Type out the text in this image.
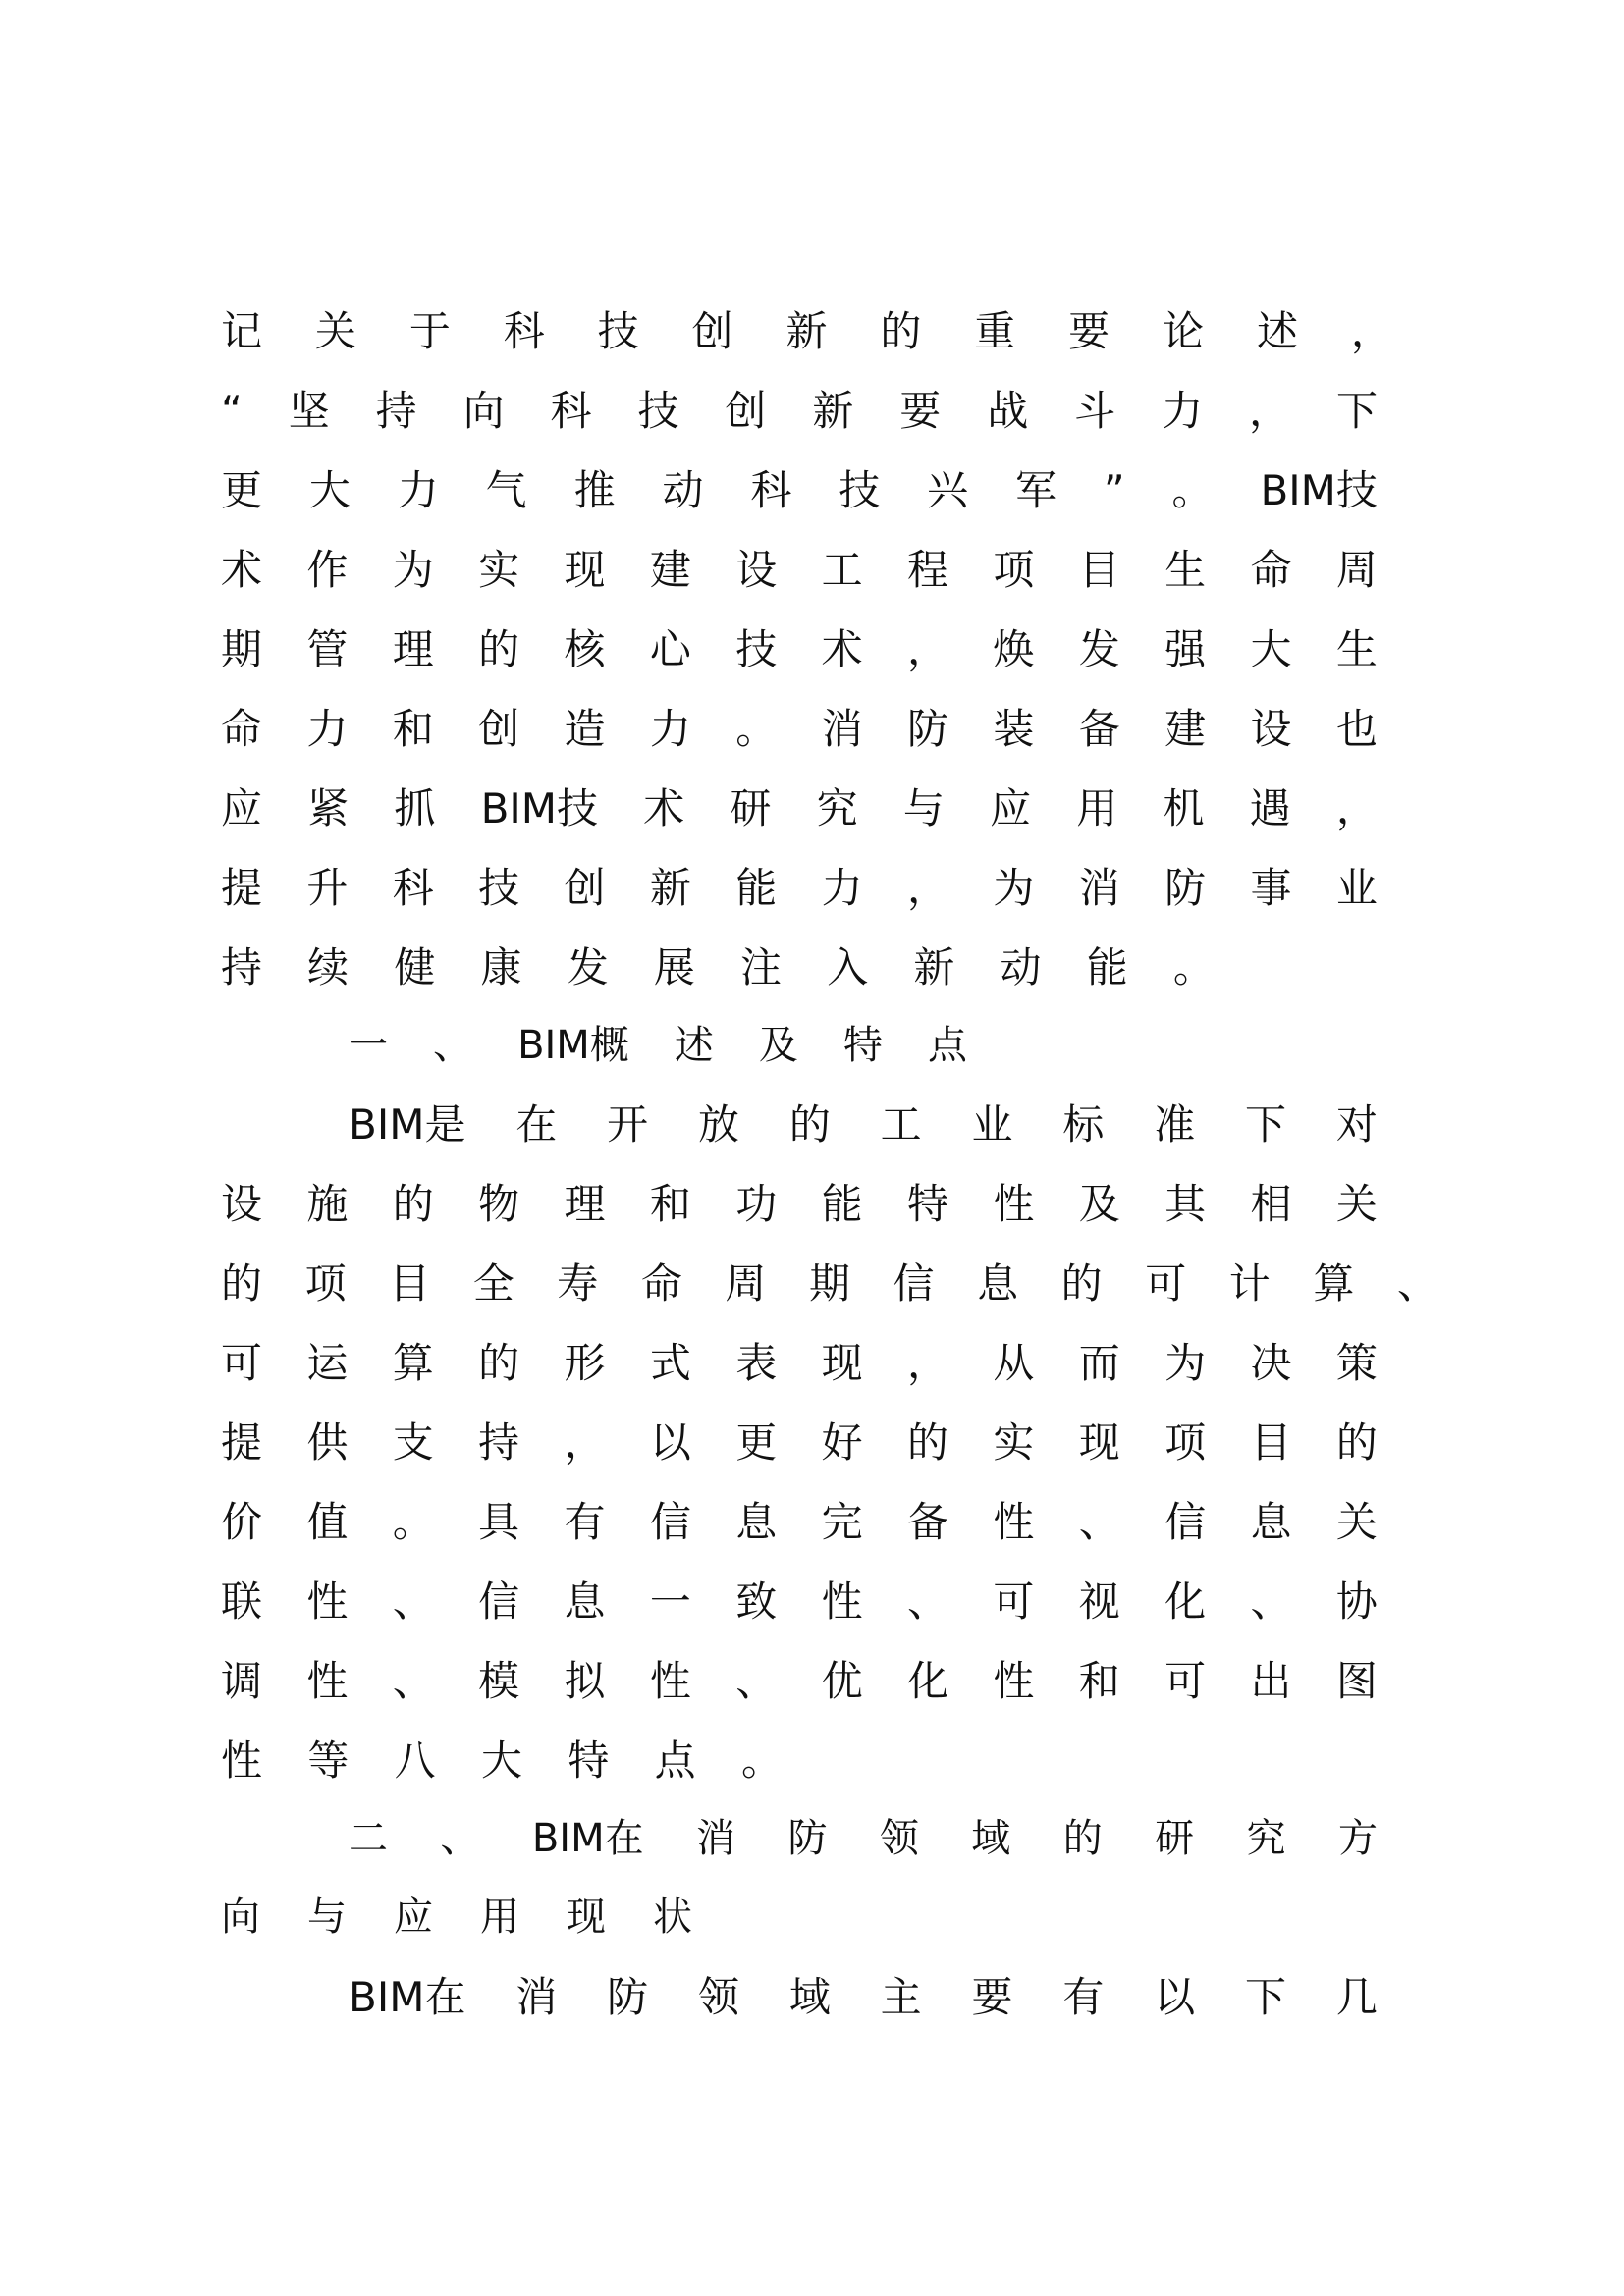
记 关 于 科 技 创 新 的 重 要 论 述 ，
“ 坚 持 向 科 技 创 新 要 战 斗 力 ， 下
更 大 力 气 推 动 科 技 兴 军 ” 。 BIM技
术 作 为 实 现 建 设 工 程 项 目 生 命 周
期 管 理 的 核 心 技 术 ， 焕 发 强 大 生
命 力 和 创 造 力 。 消 防 装 备 建 设 也
应 紧 抓 BIM技 术 研 究 与 应 用 机 遇 ，
提 升 科 技 创 新 能 力 ， 为 消 防 事 业
持 续 健 康 发 展 注 入 新 动 能 。
一 、 BIM概 述 及 特 点
BIM是 在 开 放 的 工 业 标 准 下 对
设 施 的 物 理 和 功 能 特 性 及 其 相 关
的 项 目 全 寿 命 周 期 信 息 的 可 计 算 、
可 运 算 的 形 式 表 现 ， 从 而 为 决 策
提 供 支 持 ， 以 更 好 的 实 现 项 目 的
价 值 。 具 有 信 息 完 备 性 、 信 息 关
联 性 、 信 息 一 致 性 、 可 视 化 、 协
调 性 、 模 拟 性 、 优 化 性 和 可 出 图
性 等 八 大 特 点 。
二 、 BIM在 消 防 领 域 的 研 究 方
向 与 应 用 现 状
BIM在 消 防 领 域 主 要 有 以 下 几
